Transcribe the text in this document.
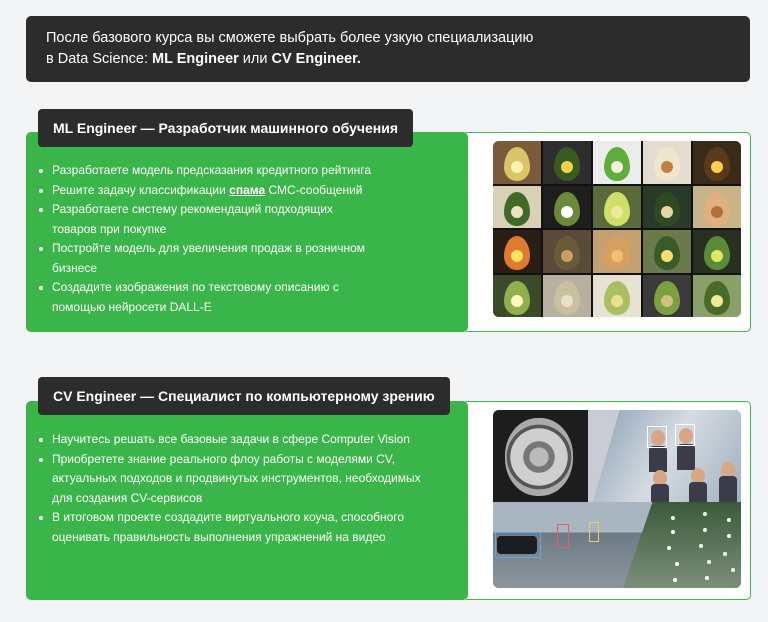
После базового курса вы сможете выбрать более узкую специализацию
в Data Science: ML Engineer или CV Engineer.
ML Engineer — Разработчик машинного обучения
Разработаете модель предсказания кредитного рейтинга
Решите задачу классификации спама СМС-сообщений
Разработаете систему рекомендаций подходящих товаров при покупке
Постройте модель для увеличения продаж в розничном бизнесе
Создадите изображения по текстовому описанию с помощью нейросети DALL-E
CV Engineer — Специалист по компьютерному зрению
Научитесь решать все базовые задачи в сфере Computer Vision
Приобретете знание реального флоу работы с моделями CV, актуальных подходов и продвинутых инструментов, необходимых для создания CV-сервисов
В итоговом проекте создадите виртуального коуча, способного оценивать правильность выполнения упражнений на видео
